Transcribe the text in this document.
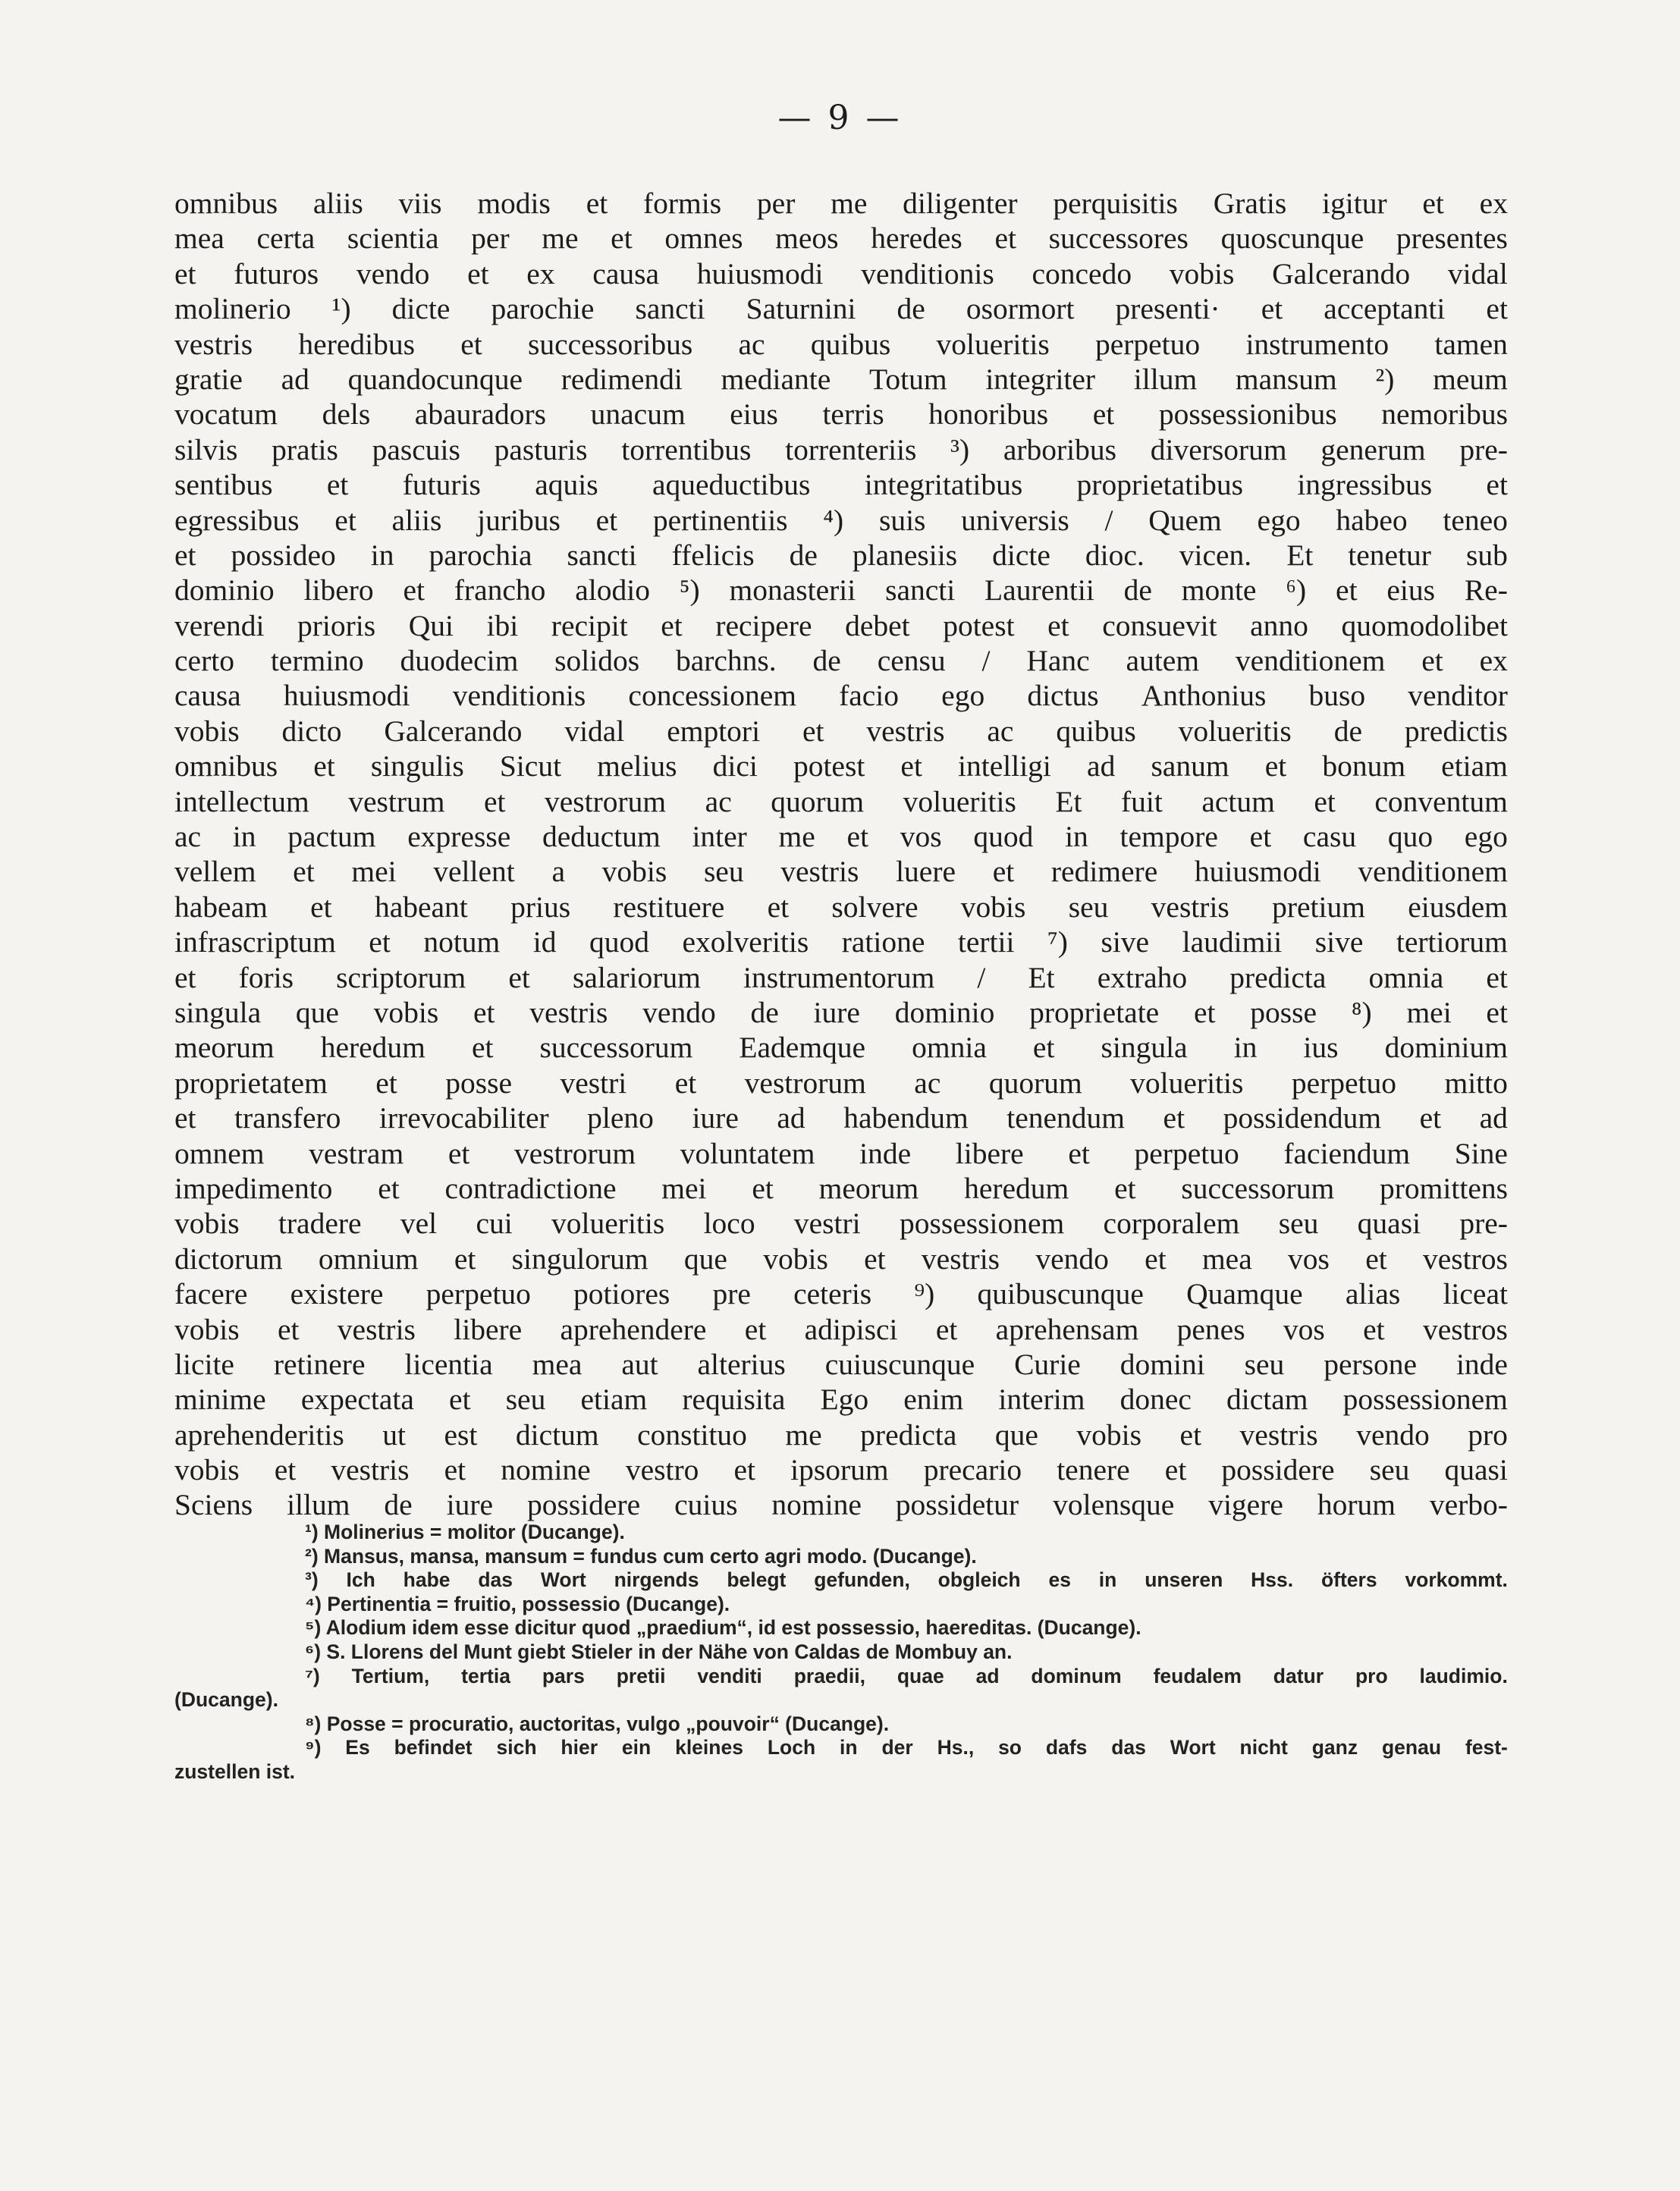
— 9 —
omnibus aliis viis modis et formis per me diligenter perquisitis Gratis igitur et ex
mea certa scientia per me et omnes meos heredes et successores quoscunque presentes
et futuros vendo et ex causa huiusmodi venditionis concedo vobis Galcerando vidal
molinerio ¹) dicte parochie sancti Saturnini de osormort presenti· et acceptanti et
vestris heredibus et successoribus ac quibus volueritis perpetuo instrumento tamen
gratie ad quandocunque redimendi mediante Totum integriter illum mansum ²) meum
vocatum dels abauradors unacum eius terris honoribus et possessionibus nemoribus
silvis pratis pascuis pasturis torrentibus torrenteriis ³) arboribus diversorum generum pre-
sentibus et futuris aquis aqueductibus integritatibus proprietatibus ingressibus et
egressibus et aliis juribus et pertinentiis ⁴) suis universis / Quem ego habeo teneo
et possideo in parochia sancti ffelicis de planesiis dicte dioc. vicen. Et tenetur sub
dominio libero et francho alodio ⁵) monasterii sancti Laurentii de monte ⁶) et eius Re-
verendi prioris Qui ibi recipit et recipere debet potest et consuevit anno quomodolibet
certo termino duodecim solidos barchns. de censu / Hanc autem venditionem et ex
causa huiusmodi venditionis concessionem facio ego dictus Anthonius buso venditor
vobis dicto Galcerando vidal emptori et vestris ac quibus volueritis de predictis
omnibus et singulis Sicut melius dici potest et intelligi ad sanum et bonum etiam
intellectum vestrum et vestrorum ac quorum volueritis Et fuit actum et conventum
ac in pactum expresse deductum inter me et vos quod in tempore et casu quo ego
vellem et mei vellent a vobis seu vestris luere et redimere huiusmodi venditionem
habeam et habeant prius restituere et solvere vobis seu vestris pretium eiusdem
infrascriptum et notum id quod exolveritis ratione tertii ⁷) sive laudimii sive tertiorum
et foris scriptorum et salariorum instrumentorum / Et extraho predicta omnia et
singula que vobis et vestris vendo de iure dominio proprietate et posse ⁸) mei et
meorum heredum et successorum Eademque omnia et singula in ius dominium
proprietatem et posse vestri et vestrorum ac quorum volueritis perpetuo mitto
et transfero irrevocabiliter pleno iure ad habendum tenendum et possidendum et ad
omnem vestram et vestrorum voluntatem inde libere et perpetuo faciendum Sine
impedimento et contradictione mei et meorum heredum et successorum promittens
vobis tradere vel cui volueritis loco vestri possessionem corporalem seu quasi pre-
dictorum omnium et singulorum que vobis et vestris vendo et mea vos et vestros
facere existere perpetuo potiores pre ceteris ⁹) quibuscunque Quamque alias liceat
vobis et vestris libere aprehendere et adipisci et aprehensam penes vos et vestros
licite retinere licentia mea aut alterius cuiuscunque Curie domini seu persone inde
minime expectata et seu etiam requisita Ego enim interim donec dictam possessionem
aprehenderitis ut est dictum constituo me predicta que vobis et vestris vendo pro
vobis et vestris et nomine vestro et ipsorum precario tenere et possidere seu quasi
Sciens illum de iure possidere cuius nomine possidetur volensque vigere horum verbo-
¹) Molinerius = molitor (Ducange).
²) Mansus, mansa, mansum = fundus cum certo agri modo. (Ducange).
³) Ich habe das Wort nirgends belegt gefunden, obgleich es in unseren Hss. öfters vorkommt.
⁴) Pertinentia = fruitio, possessio (Ducange).
⁵) Alodium idem esse dicitur quod „praedium“, id est possessio, haereditas. (Ducange).
⁶) S. Llorens del Munt giebt Stieler in der Nähe von Caldas de Mombuy an.
⁷) Tertium, tertia pars pretii venditi praedii, quae ad dominum feudalem datur pro laudimio.
(Ducange).
⁸) Posse = procuratio, auctoritas, vulgo „pouvoir“ (Ducange).
⁹) Es befindet sich hier ein kleines Loch in der Hs., so dafs das Wort nicht ganz genau fest-
zustellen ist.
